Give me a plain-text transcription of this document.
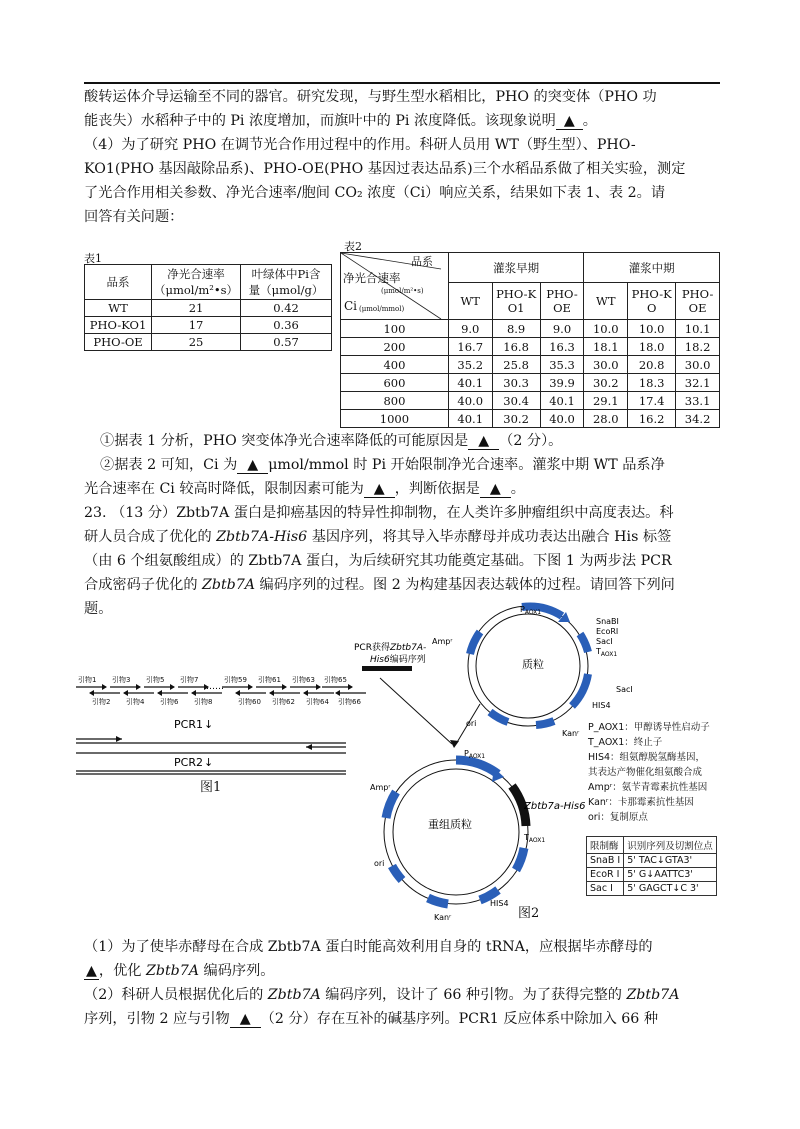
酸转运体介导运输至不同的器官。研究发现，与野生型水稻相比，PHO 的突变体（PHO 功
能丧失）水稻种子中的 Pi 浓度增加，而旗叶中的 Pi 浓度降低。该现象说明 ▲ 。
（4）为了研究 PHO 在调节光合作用过程中的作用。科研人员用 WT（野生型）、PHO-
KO1(PHO 基因敲除品系)、PHO-OE(PHO 基因过表达品系)三个水稻品系做了相关实验，测定
了光合作用相关参数、净光合速率/胞间 CO₂ 浓度（Ci）响应关系，结果如下表 1、表 2。请
回答有关问题：
表1
品系	净光合速率
（μmol/m²•s）	叶绿体中Pi含
量（μmol/g）
WT	21	0.42
PHO-KO1	17	0.36
PHO-OE	25	0.57
表2
品系
净光合速率
(μmol/m²•s)
Ci (μmol/mmol)	灌浆早期			灌浆中期		
	WT	PHO-KO1	PHO-OE	WT	PHO-KO	PHO-OE
100	9.0	8.9	9.0	10.0	10.0	10.1
200	16.7	16.8	16.3	18.1	18.0	18.2
400	35.2	25.8	35.3	30.0	20.8	30.0
600	40.1	30.3	39.9	30.2	18.3	32.1
800	40.0	30.4	40.1	29.1	17.4	33.1
1000	40.1	30.2	40.0	28.0	16.2	34.2
①据表 1 分析，PHO 突变体净光合速率降低的可能原因是 ▲ （2 分）。
②据表 2 可知，Ci 为 ▲ μmol/mmol 时 Pi 开始限制净光合速率。灌浆中期 WT 品系净
光合速率在 Ci 较高时降低，限制因素可能为 ▲ ，判断依据是 ▲ 。
23. （13 分）Zbtb7A 蛋白是抑癌基因的特异性抑制物，在人类许多肿瘤组织中高度表达。科
研人员合成了优化的 Zbtb7A-His6 基因序列，将其导入毕赤酵母并成功表达出融合 His 标签
（由 6 个组氨酸组成）的 Zbtb7A 蛋白，为后续研究其功能奠定基础。下图 1 为两步法 PCR
合成密码子优化的 Zbtb7A 编码序列的过程。图 2 为构建基因表达载体的过程。请回答下列问
题。
引物1 引物3 引物5 引物7	引物59 引物61 引物63 引物65
引物2 引物4 引物6 引物8	引物60 引物62 引物64 引物66
……
PCR1 ↓
PCR2 ↓
图1
PCR获得Zbtb7A-
His6编码序列	质粒
$P_{AOX1}$
SnaBI
EcoRI
SacI
$T_{AOX1}$
Ampʳ
SacI
HIS4
Kanʳ
ori
重组质粒
$P_{AOX1}$
Zbtb7a-His6
$T_{AOX1}$
Ampʳ
ori
Kanʳ
HIS4
P_AOX1：甲醇诱导性启动子
T_AOX1：终止子
HIS4：组氨醇脱氢酶基因，
其表达产物催化组氨酸合成
Ampʳ：氨苄青霉素抗性基因
Kanʳ：卡那霉素抗性基因
ori：复制原点
限制酶	识别序列及切割位点
SnaB I	5' TAC↓GTA3'
EcoR I	5' G↓AATTC3'
Sac I	5' GAGCT↓C 3'
图2
（1）为了使毕赤酵母在合成 Zbtb7A 蛋白时能高效利用自身的 tRNA，应根据毕赤酵母的
▲ ，优化 Zbtb7A 编码序列。
（2）科研人员根据优化后的 Zbtb7A 编码序列，设计了 66 种引物。为了获得完整的 Zbtb7A
序列，引物 2 应与引物 ▲ （2 分）存在互补的碱基序列。PCR1 反应体系中除加入 66 种
